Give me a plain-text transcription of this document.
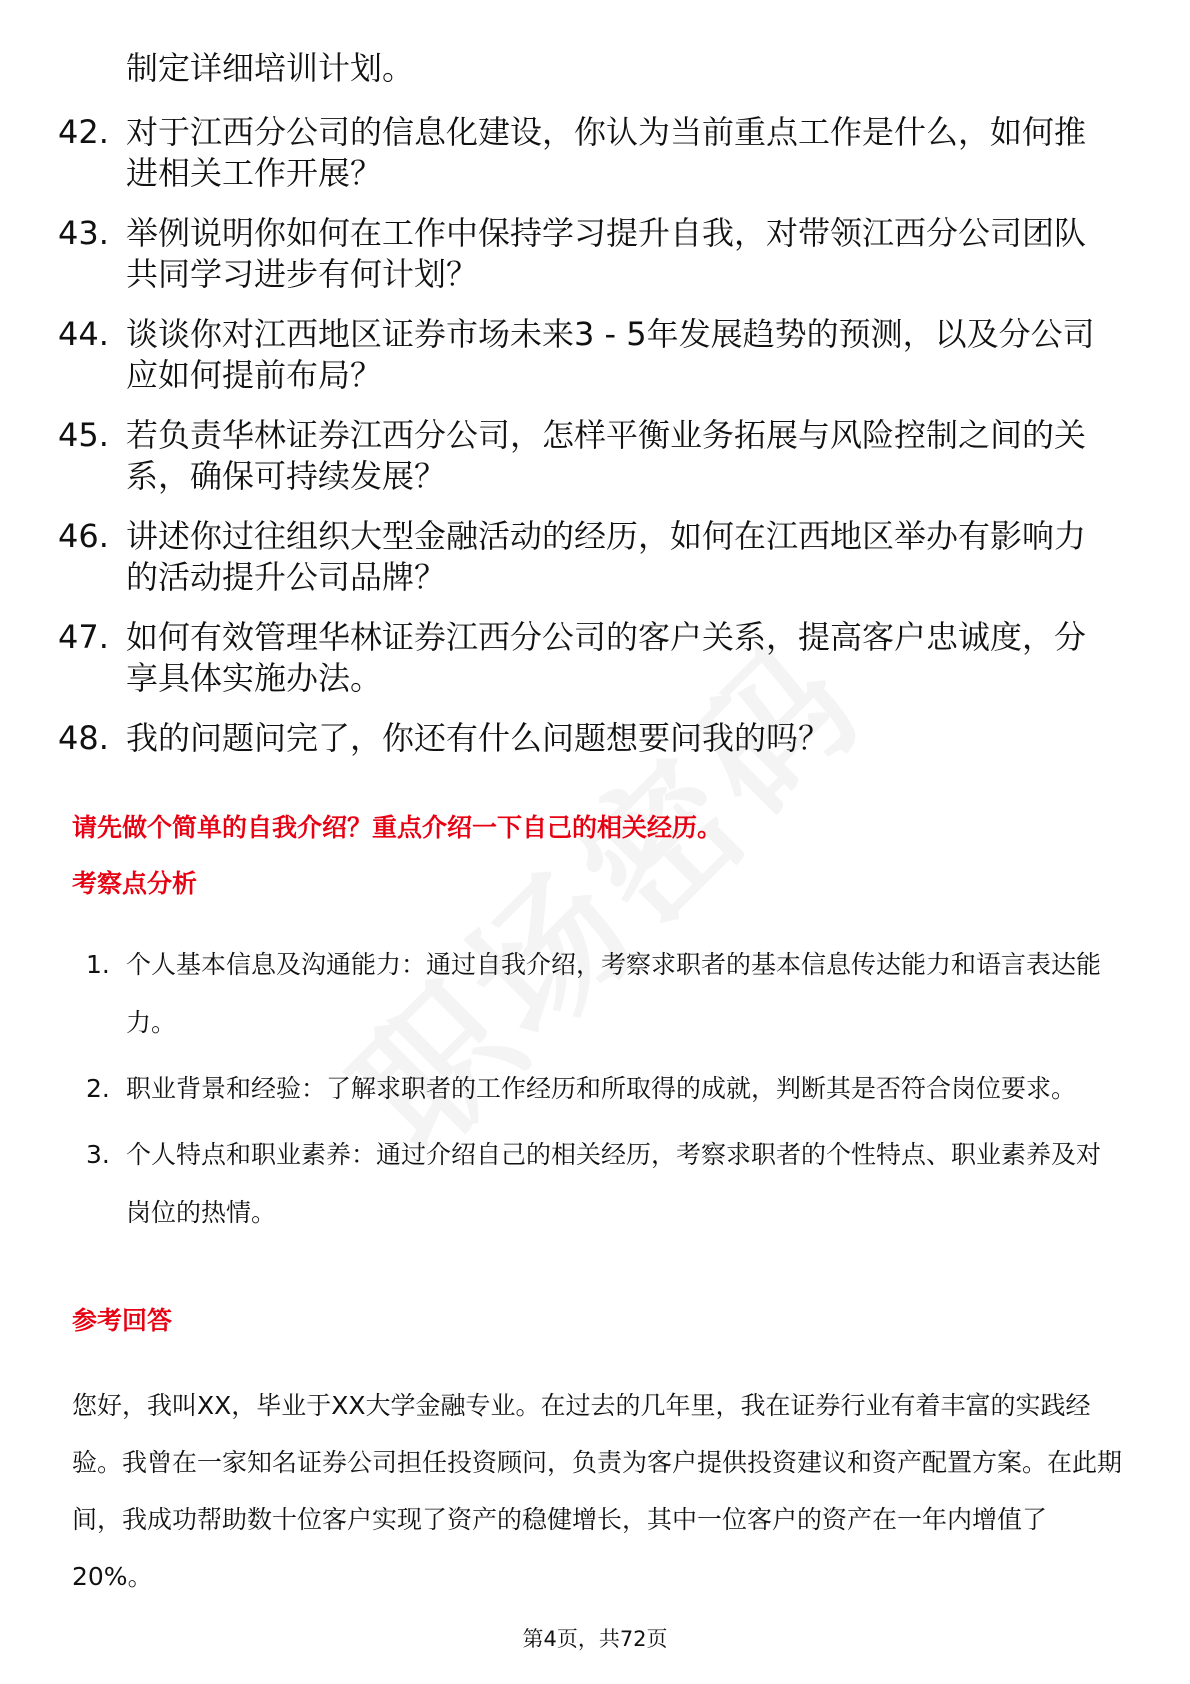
制定详细培训计划。
42. 对于江西分公司的信息化建设，你认为当前重点工作是什么，如何推进相关工作开展？
43. 举例说明你如何在工作中保持学习提升自我，对带领江西分公司团队共同学习进步有何计划？
44. 谈谈你对江西地区证券市场未来3 - 5年发展趋势的预测，以及分公司应如何提前布局？
45. 若负责华林证券江西分公司，怎样平衡业务拓展与风险控制之间的关系，确保可持续发展？
46. 讲述你过往组织大型金融活动的经历，如何在江西地区举办有影响力的活动提升公司品牌？
47. 如何有效管理华林证券江西分公司的客户关系，提高客户忠诚度，分享具体实施办法。
48. 我的问题问完了，你还有什么问题想要问我的吗？
请先做个简单的自我介绍？重点介绍一下自己的相关经历。
考察点分析
1. 个人基本信息及沟通能力：通过自我介绍，考察求职者的基本信息传达能力和语言表达能力。
2. 职业背景和经验：了解求职者的工作经历和所取得的成就，判断其是否符合岗位要求。
3. 个人特点和职业素养：通过介绍自己的相关经历，考察求职者的个性特点、职业素养及对岗位的热情。
参考回答

您好，我叫XX，毕业于XX大学金融专业。在过去的几年里，我在证券行业有着丰富的实践经验。我曾在一家知名证券公司担任投资顾问，负责为客户提供投资建议和资产配置方案。在此期间，我成功帮助数十位客户实现了资产的稳健增长，其中一位客户的资产在一年内增值了20%。

第4页，共72页
